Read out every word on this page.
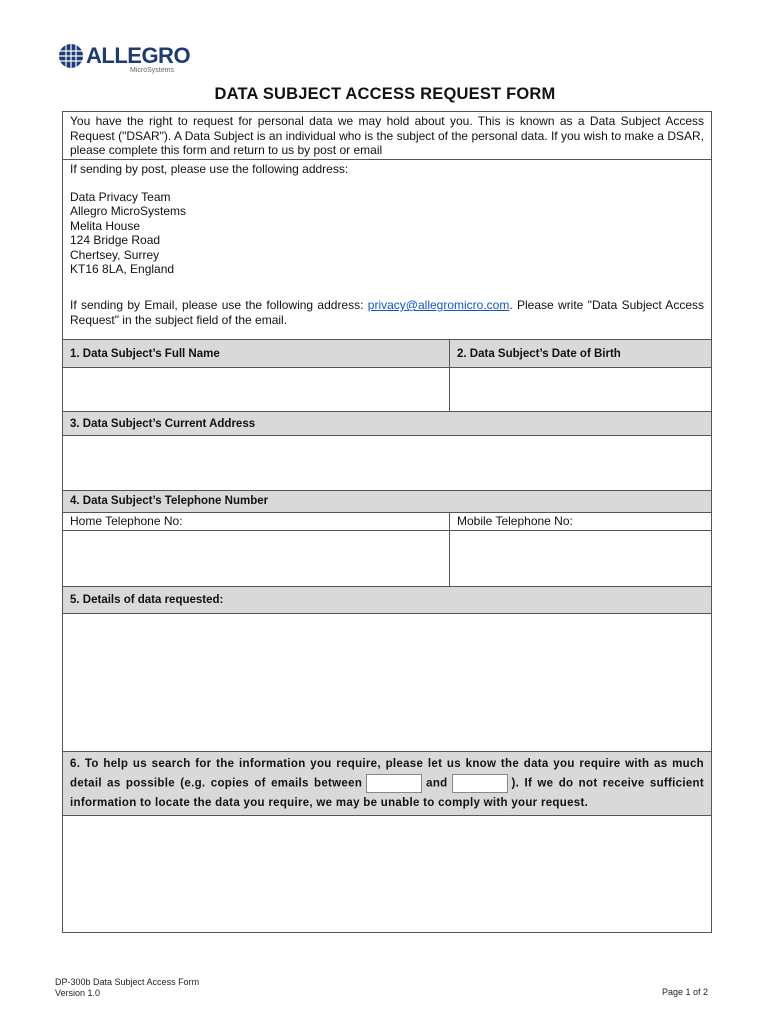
ALLEGRO
MicroSystems
DATA SUBJECT ACCESS REQUEST FORM
You have the right to request for personal data we may hold about you. This is known as a Data Subject Access Request ("DSAR"). A Data Subject is an individual who is the subject of the personal data. If you wish to make a DSAR, please complete this form and return to us by post or email
If sending by post, please use the following address:
Data Privacy Team
Allegro MicroSystems
Melita House
124 Bridge Road
Chertsey, Surrey
KT16 8LA, England
If sending by Email, please use the following address: privacy@allegromicro.com. Please write "Data Subject Access Request" in the subject field of the email.
1. Data Subject’s Full Name	2. Data Subject’s Date of Birth
3. Data Subject’s Current Address
4. Data Subject’s Telephone Number
Home Telephone No:	Mobile Telephone No:
5. Details of data requested:
6. To help us search for the information you require, please let us know the data you require with as much detail as possible (e.g. copies of emails between	and	). If we do not receive sufficient information to locate the data you require, we may be unable to comply with your request.
DP-300b Data Subject Access Form
Version 1.0	Page 1 of 2
